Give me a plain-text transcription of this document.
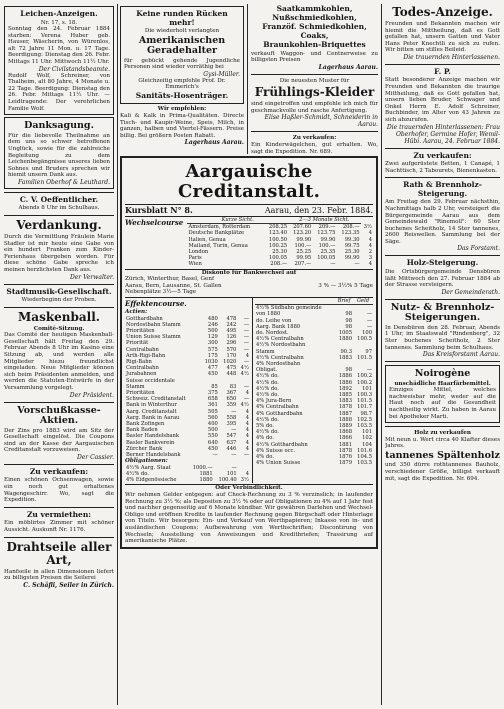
Leichen-Anzeigen.

Nr. 17, s. 18.

Sonntag den 24. Februar 1884 starben: Verena Huber geb. Hauser, Wäscherin, von Würenlos, alt 72 Jahre 11 Mon. u. 17 Tage. Beerdigung: Dienstag den 26. Febr. Mittags 11 Uhr. Mittwoch 11½ Uhr.

Der Civilstandsbeamte.

Rudolf Wolf, Schreiner, von Thalheim, alt 80 Jahre, 4 Monate u. 22 Tage. Beerdigung: Dienstag den 26. Febr. Mittags 11½ Uhr. — Leidtragende: Der verehrlichen Familie Wolf.

Danksagung.

Für die liebevolle Theilnahme an dem uns so schwer betroffenen Unglück, sowie für die zahlreiche Begleitung zu dem Leichenbegängnisse unseres lieben Sohnes und Bruders sprechen wir hiemit unsern Dank aus.

Familien Oberhof & Leuthard.

C. V. Oeffentlicher.

Abends 8 Uhr im Schulhaus.

Verdankung.

Durch die Vermittlung Fräulein Marie Stadler ist mir heute eine Gabe von ein hundert Franken zum Kinder-Ferienhaus übergeben worden. Für diese schöne Gabe spreche ich meinen herzlichsten Dank aus.

Der Verwalter.

Stadtmusik-Gesellschaft.

Wiederbeginn der Proben.

Maskenball.

Comité-Sitzung.

Das Comité der heutigen Maskenball-Gesellschaft hält Freitag den 29. Februar Abends 8 Uhr im Kasino eine Sitzung ab, und werden alle Mitglieder hiezu freundlichst eingeladen. Neue Mitglieder können sich beim Präsidenten anmelden, und werden die Statuten-Entwürfe in der Versammlung vorgelegt.

Der Präsident.

Vorschußkasse-Aktien.

Der Zins pro 1883 wird am Sitz der Gesellschaft eingelöst. Die Coupons sind an der Kasse der Aargauischen Creditanstalt vorzuweisen.

Der Cassier.

Zu verkaufen:

Einen schönen Ochsenwagen, sowie ein noch gut erhaltenes Wagengeschirr. Wo, sagt die Expedition.

Zu vermiethen:

Ein möblirtes Zimmer mit schöner Aussicht. Auskunft Nr. 1176.

Drahtseile aller Art,

Hanfseile in allen Dimensionen liefert zu billigsten Preisen die Seilerei

C. Schäfli, Seiler in Zürich.

Keine runden Rücken mehr!

Die wiederholt verlangten

Amerikanischen Geradehalter

für gebückt gehende Jugendliche Personen sind wieder vorräthig bei

Gysi-Müller.

Gleichzeitig empfehle Prof. Dr. Emmerich's

Sanitäts-Hosenträger.

Wir empfehlen:

Kali & Kalk in Prima-Qualitäten. Directe Tisch- und Kaupir-Weine, Speis, Milch, in ganzen, halben und Viertel-Fässern. Preise billig. Bei größern Posten Rabatt.

Lagerhaus Aarau.

Saatkammkohlen, Nußschmiedkohlen,

Franzöf. Schmiedkohlen, Coaks,

Braunkohlen-Briquettes

verkauft Waggon- und Centnerweise zu billigsten Preisen

Lagerhaus Aarau.

Die neuesten Muster für

Frühlings-Kleider

sind eingetroffen und empfehle ich mich für geschmackvolle und rasche Anfertigung.

Elise Haßler-Schmidt, Schneiderin in Aarau.

Zu verkaufen:

Ein Kinderwägelchen, gut erhalten. Wo, sagt die Expedition. Nr. 689.

Aargauische Creditanstalt.

Kursblatt N° 8.	Aarau, den 23. Febr. 1884.

Wechselcourse	Kurze Sicht.		2—3 Monate Sicht.			
Amsterdam, Rotterdam	208.25	207.60	209.—	208.—	3½
Deutsche Bankplätze	123.40	123.20	123.75	123.35	4
Italien, Genua	100.50	99.90	99.90	99.30	4
Mailand, Turin, Genua	100.25	100.—	100.—	99.75	4
London	25.30	25.25	25.35	25.30	2
Paris	100.05	99.95	100.05	99.90	3
Wien	208.—	207.—	—	—	4

Diskonto für Bankwechsel auf

Zürich, Winterthur, Basel, Genf

Aarau, Bern, Lausanne, St. Gallen

Nebenplätze 3½—5 Tage

3 % — 3½% 5 Tage

Effektencourse.

Actien:

Gotthardbahn	480	478	—
Nordostbahn Stamm	246	242	—
Prioritäten	500	495	—
Union Suisse Stamm	129	126	—
Priorität	300	296	—
Centralbahn	575	570	—
Arth-Rigi-Bahn	175	170	4
Rigi-Bahn	1030	1020	—
Centralbahn	477	475	4½
Jurabahnen	450	448	4½
Suisse occidentale			
Stamm	85	83	—
Prioritäten	375	367	4
Schweiz. Creditanstalt	658	650	—
Bank in Winterthur	361	359	4½
Aarg. Creditanstalt	505	—	4
Aarg. Bank in Aarau	560	558	4
Bank Zofingen	400	395	4
Bank Baden	500	—	4
Basler Handelsbank	550	547	4
Basler Bankverein	640	637	4
Zürcher Bank	450	446	4
Berner Handelsbank	—	—	—

Obligationen:

4½% Aarg. Staat	1000.—	—	
4½% do.	1881	101	4
4% Eidgenössische	1880	100.40	3½
	Brief	Geld
4½% Südbahn gemeinde		
von 1880	98	—
do. Leihe von	98	—
Aarg. Bank 1880	98	—
do. Nordost.	1005	100
4½% Centralbahn	1880	100.5
4½% Nordostbahn		
Stamm	90.3	97
4½% Centralbahn	1883	101.5
4% Nordostbahn		
Obligat.	98	—
4½% do.	1886	100.2
4½% do.	1886	100.2
4½% do.	1892	101
4½% do.	1885	100.3
4% Jura-Bern	1883	101.5
4% Centralbahn	1878	101.7
4% Gotthardbahn	1887	98.7
4½% do.	1888	102.5
5% do.	1889	103.5
4½% do.	1868	101
4% do.	1866	102
4½% Gotthardbahn	1881	104
4% Suisse occ.	1878	101.6
4% do.	1876	104.5
4% Union Suisse	1879	103.5

Oder Verbindlichkeit.

Wir nehmen Gelder entgegen: auf Check-Rechnung zu 3 % verzinslich; in laufender Rechnung zu 3½ %; als Depositen zu 3½ % oder auf Obligationen zu 4% auf 1 Jahr fest und nachher gegenseitig auf 6 Monate kündbar. Wir gewähren Darlehen und Wechsel-Obligo und eröffnen Kredite in laufender Rechnung gegen Bürgschaft oder Hinterlage von Titeln. Wir besorgen: Ein- und Verkauf von Werthpapieren; Inkasso von in- und ausländischen Coupons; Aufbewahrung von Werthschriften; Discontirung von Wechseln; Ausstellung von Anweisungen und Kreditbriefen; Trassirung auf amerikanische Plätze.

Todes-Anzeige.

Freunden und Bekannten machen wir hiemit die Mittheilung, daß es Gott gefallen hat, unsern Gatten und Vater Hans Peter Knechtli zu sich zu rufen. Wir bitten um stilles Beileid.

Die trauernden Hinterlassenen.

F. P.

Statt besonderer Anzeige machen wir Freunden und Bekannten die traurige Mittheilung, daß es Gott gefallen hat, unsern lieben Bruder, Schwager und Onkel Herrn E. Adolf Schreiner, Buchbinder, im Alter von 43 Jahren zu sich abzurufen.

Die trauernden Hinterlassenen: Frau Oberhofer, Germine Hofer, Wemil-Hübi. Aarau, 24. Februar 1884.

Zu verkaufen:

Zwei aufgerüstete Betten, 1 Canapé, 1 Nachttisch, 2 Tabourets, Bienenkasten.

Rath & Brennholz-Steigerung.

Am Freitag den 29. Februar nächsthin, Nachmittags halb 2 Uhr, versteigert die Bürgergemeinde Aarau aus dem Gemeindewald "Rinemoll": 60 Ster buchenes Scheitholz, 14 Ster tannenes, 2600 Reiswellen. Sammlung bei der Säge.

Das Forstamt.

Holz-Steigerung.

Die Ortsbürgergemeinde Densbüren läßt Mittwoch den 27. Februar 1884 ab der Strasse versteigern.

Der Gemeinderath.

Nutz- & Brennholz-Steigerungen.

In Densbüren den 28. Februar, Abends 1 Uhr, im Staatswald "Rindenberg", 32 Ster buchenes Scheitholz, 2 Ster tannenes. Sammlung beim Schulhaus.

Das Kreisforstamt Aarau.

Noirogène

unschädliche Haarfärbemittel.

Einziges Mittel, welches nachweisbar mehr, weder auf die Haut noch auf die Gesundheit nachtheilig wirkt. Zu haben in Aarau bei Apotheker Marti.

Holz zu verkaufen

Mit neun u. Wert circa 40 Klafter dieses Jahres.

tannenes Spältenholz

und 350 dürre rothtannenes Bauholz, verschiedener Größe, billigst verkauft mit, sagt die Expedition. Nr. 694.
